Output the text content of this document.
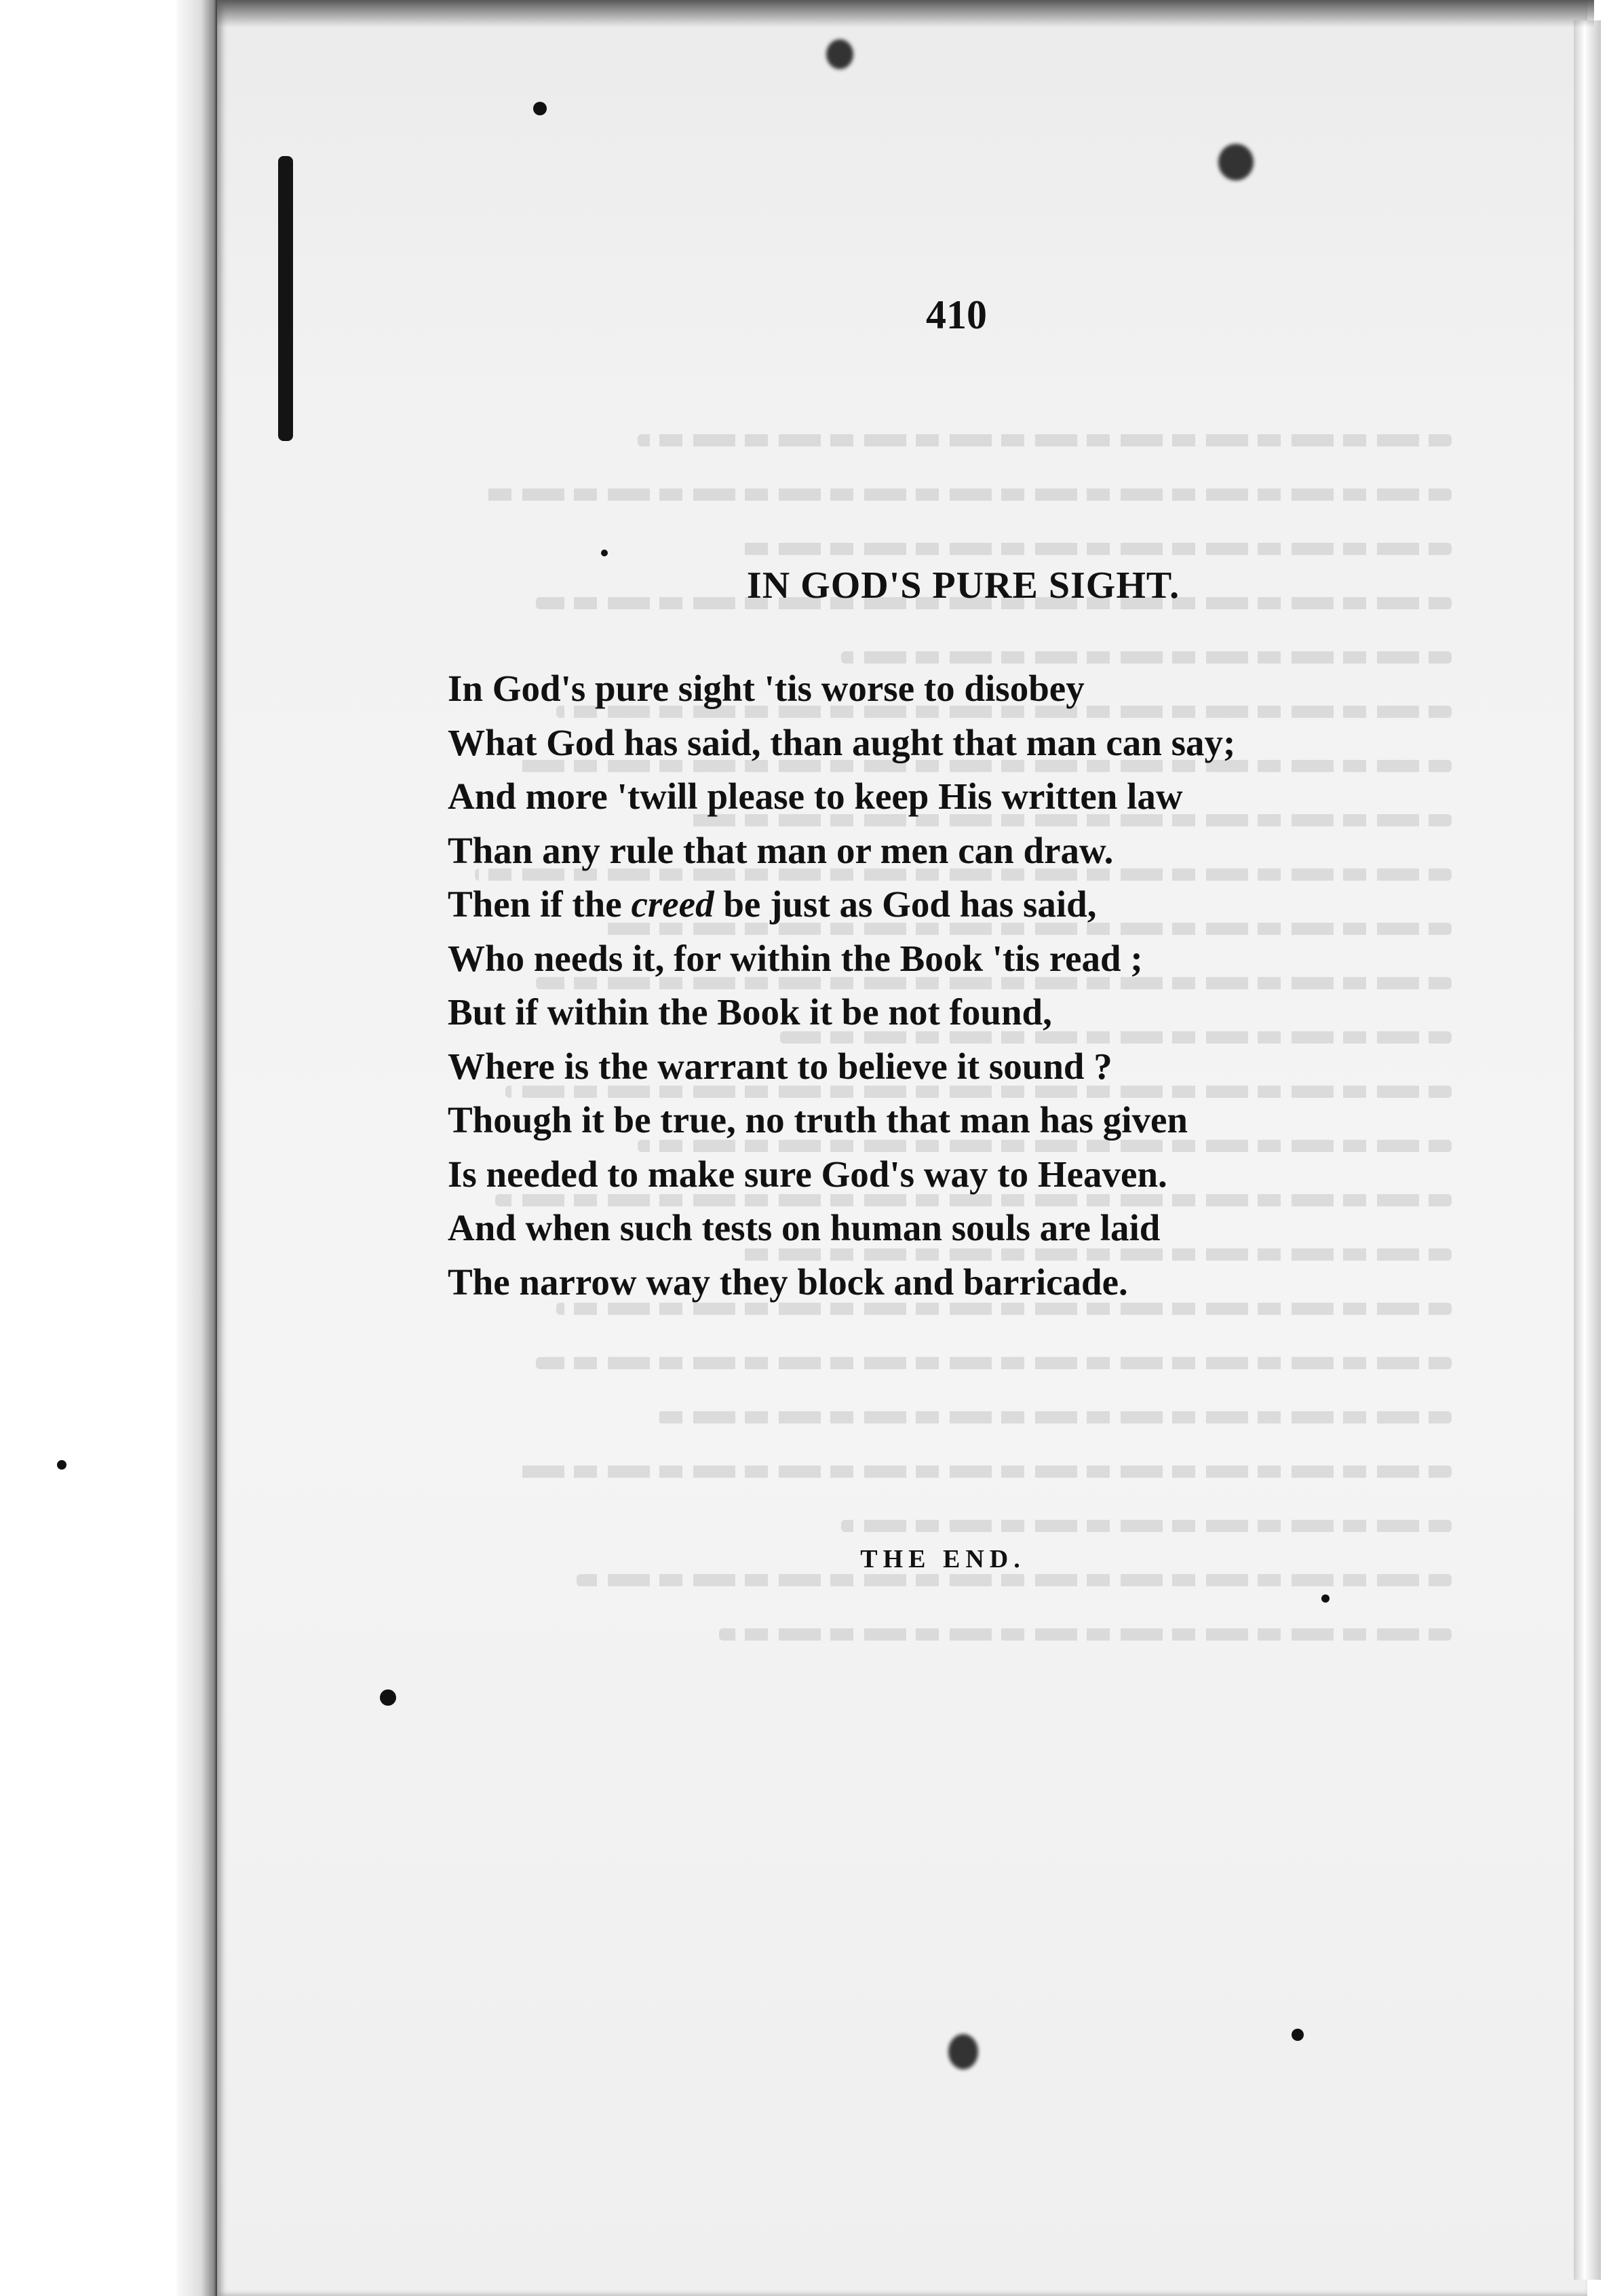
410
IN GOD'S PURE SIGHT.
In God's pure sight 'tis worse to disobey
What God has said, than aught that man can say;
And more 'twill please to keep His written law
Than any rule that man or men can draw.
Then if the creed be just as God has said,
Who needs it, for within the Book 'tis read ;
But if within the Book it be not found,
Where is the warrant to believe it sound ?
Though it be true, no truth that man has given
Is needed to make sure God's way to Heaven.
And when such tests on human souls are laid
The narrow way they block and barricade.
THE END.
